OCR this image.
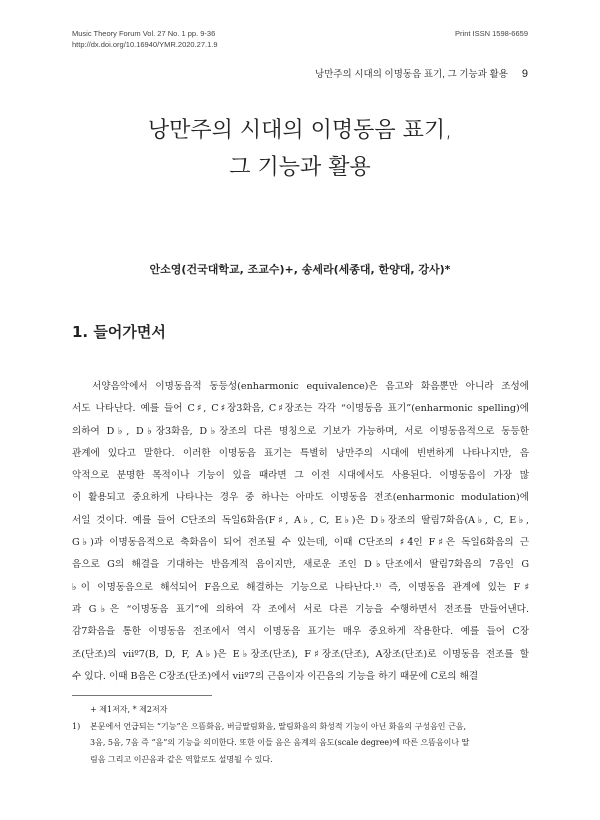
Music Theory Forum Vol. 27 No. 1 pp. 9-36
http://dx.doi.org/10.16940/YMR.2020.27.1.9
Print ISSN 1598-6659
낭만주의 시대의 이명동음 표기, 그 기능과 활용 9
낭만주의 시대의 이명동음 표기,
그 기능과 활용
안소영(건국대학교, 조교수)+, 송세라(세종대, 한양대, 강사)*
1. 들어가면서
서양음악에서 이명동음적 동등성(enharmonic equivalence)은 음고와 화음뿐만 아니라 조성에
서도 나타난다. 예를 들어 C♯, C♯장3화음, C♯장조는 각각 “이명동음 표기”(enharmonic spelling)에
의하여 D♭, D♭장3화음, D♭장조의 다른 명칭으로 기보가 가능하며, 서로 이명동음적으로 동등한
관계에 있다고 말한다. 이러한 이명동음 표기는 특별히 낭만주의 시대에 빈번하게 나타나지만, 음
악적으로 분명한 목적이나 기능이 있을 때라면 그 이전 시대에서도 사용된다. 이명동음이 가장 많
이 활용되고 중요하게 나타나는 경우 중 하나는 아마도 이명동음 전조(enharmonic modulation)에
서일 것이다. 예를 들어 C단조의 독일6화음(F♯, A♭, C, E♭)은 D♭장조의 딸림7화음(A♭, C, E♭,
G♭)과 이명동음적으로 축화음이 되어 전조될 수 있는데, 이때 C단조의 ♯4̂인 F♯은 독일6화음의 근
음으로 G의 해결을 기대하는 반음계적 음이지만, 새로운 조인 D♭단조에서 딸림7화음의 7음인 G
♭이 이명동음으로 해석되어 F음으로 해결하는 기능으로 나타난다.¹⁾ 즉, 이명동음 관계에 있는 F♯
과 G♭은 “이명동음 표기”에 의하여 각 조에서 서로 다른 기능을 수행하면서 전조를 만들어낸다.
감7화음을 통한 이명동음 전조에서 역시 이명동음 표기는 매우 중요하게 작용한다. 예를 들어 C장
조(단조)의 viiº7(B, D, F, A♭)은 E♭장조(단조), F♯장조(단조), A장조(단조)로 이명동음 전조를 할
수 있다. 이때 B음은 C장조(단조)에서 viiº7의 근음이자 이끈음의 기능을 하기 때문에 C로의 해결
+ 제1저자, * 제2저자
1) 본문에서 언급되는 “기능”은 으뜸화음, 버금딸림화음, 딸림화음의 화성적 기능이 아닌 화음의 구성음인 근음,
3음, 5음, 7음 즉 “음”의 기능을 의미한다. 또한 이들 음은 음계의 음도(scale degree)에 따른 으뜸음이나 딸
림음 그리고 이끈음과 같은 역할로도 설명될 수 있다.
